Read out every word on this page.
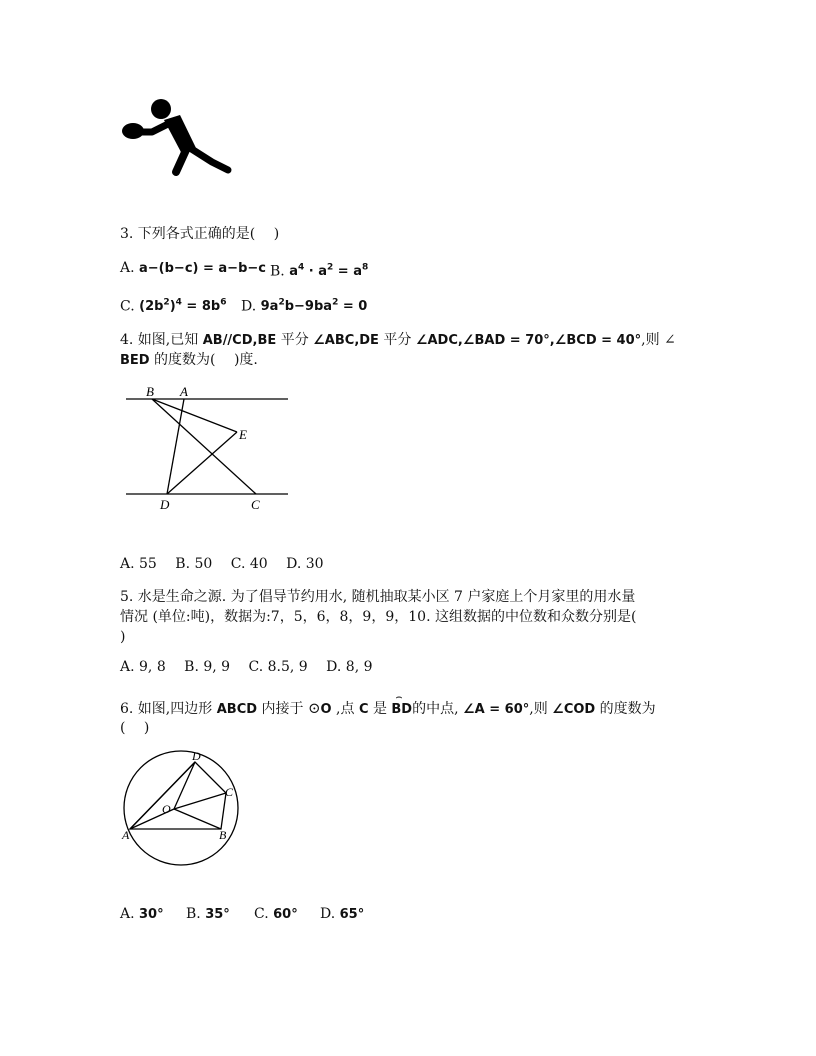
3. 下列各式正确的是(　 )
A. a−(b−c) = a−b−c B. $a^4 \cdot a^2 = a^8$
C. $(2b^2)^4 = 8b^6$ D. $9a^2b-9ba^2 = 0$
4. 如图,已知 AB//CD,BE 平分 ∠ABC,DE 平分 ∠ADC,∠BAD = 70°,∠BCD = 40°,则 ∠
BED 的度数为(　 )度.
B A
E
D	C
A. 55　 B. 50　 C. 40　 D. 30
5. 水是生命之源. 为了倡导节约用水, 随机抽取某小区 7 户家庭上个月家里的用水量
情况 (单位:吨)，数据为:7，5，6，8，9，9，10. 这组数据的中位数和众数分别是(
)
A. 9, 8　 B. 9, 9　 C. 8.5, 9　 D. 8, 9
6. 如图,四边形 ABCD 内接于 ⊙O ,点 C 是
⌢
BD的中点, ∠A = 60°,则 ∠COD 的度数为
(　 )
D
C
O
A	B
A. 30° B. 35° C. 60° D. 65°
